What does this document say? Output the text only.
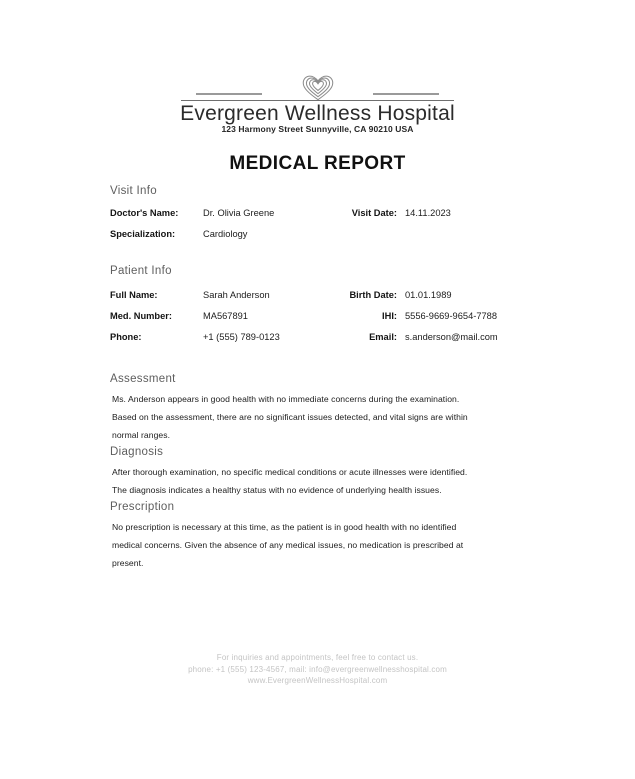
Evergreen Wellness Hospital
123 Harmony Street Sunnyville, CA 90210 USA
MEDICAL REPORT
Visit Info
Doctor's Name:	Dr. Olivia Greene	Visit Date: 14.11.2023
Specialization:	Cardiology
Patient Info
Full Name:	Sarah Anderson	Birth Date: 01.01.1989
Med. Number:	MA567891	IHI: 5556-9669-9654-7788
Phone:	+1 (555) 789-0123	Email: s.anderson@mail.com
Assessment
Ms. Anderson appears in good health with no immediate concerns during the examination.
Based on the assessment, there are no significant issues detected, and vital signs are within
normal ranges.
Diagnosis
After thorough examination, no specific medical conditions or acute illnesses were identified.
The diagnosis indicates a healthy status with no evidence of underlying health issues.
Prescription
No prescription is necessary at this time, as the patient is in good health with no identified
medical concerns. Given the absence of any medical issues, no medication is prescribed at
present.
For inquiries and appointments, feel free to contact us.
phone: +1 (555) 123-4567, mail: info@evergreenwellnesshospital.com
www.EvergreenWellnessHospital.com
